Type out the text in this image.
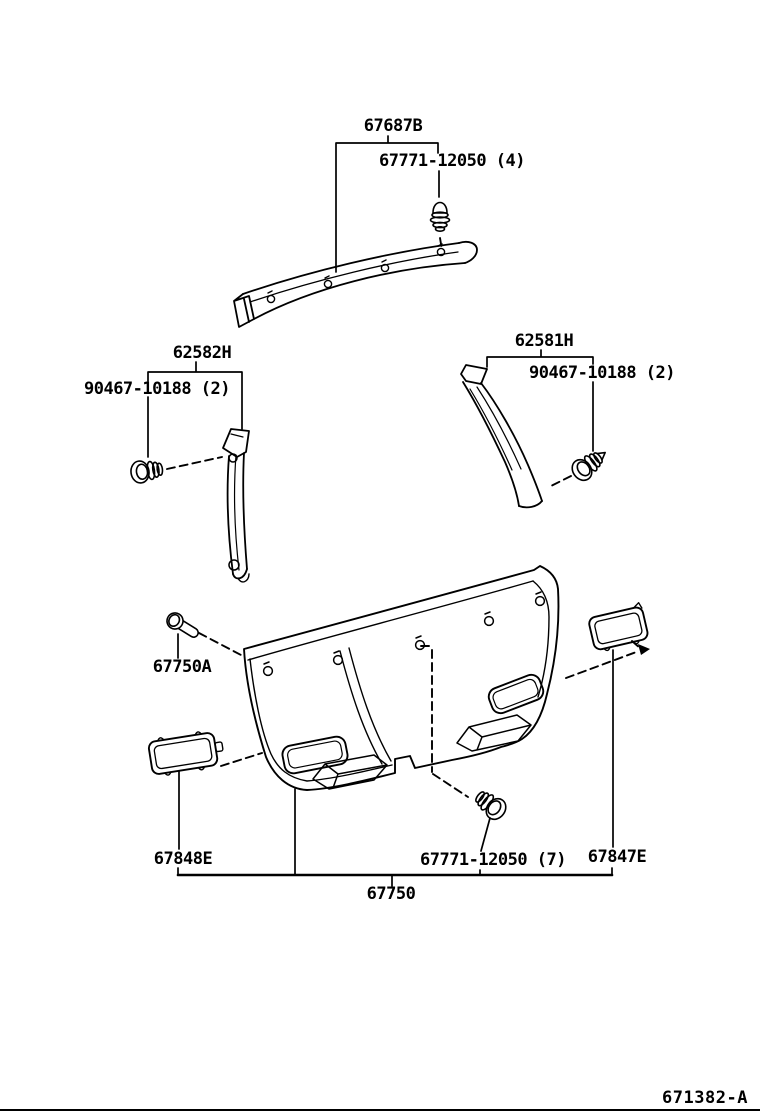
67687B
67771-12050 (4)
62582H
90467-10188 (2)
62581H
90467-10188 (2)
67750A
67848E	67771-12050 (7) 67847E
67750
671382-A
